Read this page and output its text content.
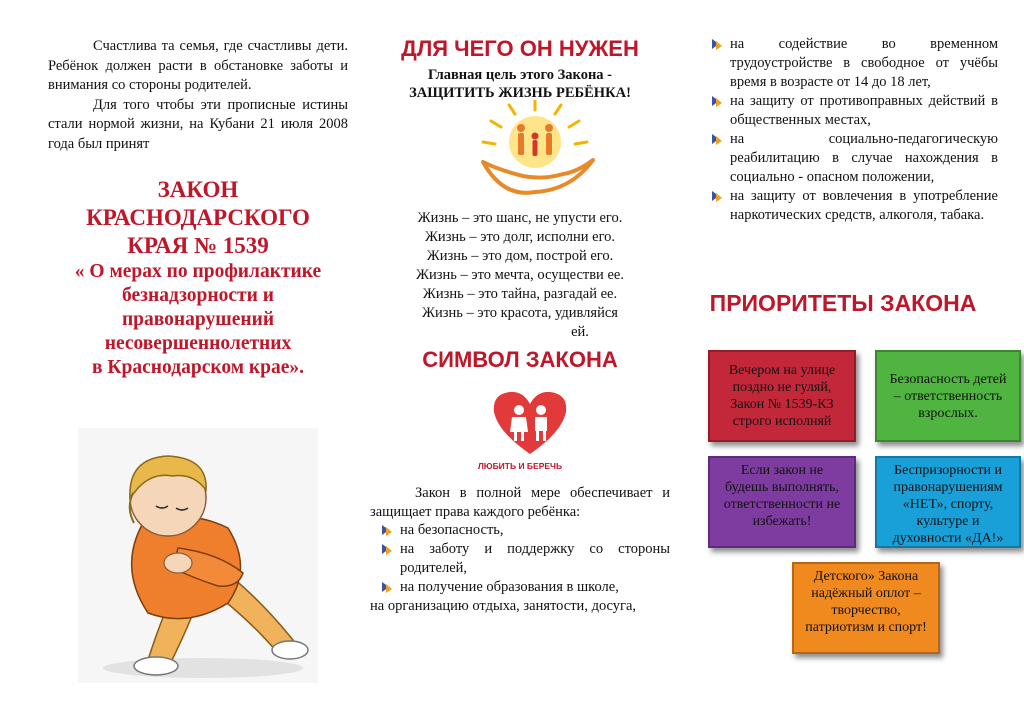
Счастлива та семья, где счастливы дети. Ребёнок должен расти в обстановке заботы и внимания со стороны родителей.

Для того чтобы эти прописные истины стали нормой жизни, на Кубани 21 июля 2008 года был принят

ЗАКОН
КРАСНОДАРСКОГО
КРАЯ № 1539
« О мерах по профилактике
безнадзорности и
правонарушений
несовершеннолетних
в Краснодарском крае».
ДЛЯ ЧЕГО ОН НУЖЕН
Главная цель этого Закона -
ЗАЩИТИТЬ ЖИЗНЬ РЕБЁНКА!

Жизнь – это шанс, не упусти его.

Жизнь – это долг, исполни его.

Жизнь – это дом, построй его.

Жизнь – это мечта, осуществи ее.

Жизнь – это тайна, разгадай ее.

Жизнь – это красота, удивляйся

ей.

СИМВОЛ ЗАКОНА
ЛЮБИТЬ И БЕРЕЧЬ

Закон в полной мере обеспечивает и защищает права каждого ребёнка:

на безопасность,
на заботу и поддержку со стороны родителей,
на получение образования в школе,

на организацию отдыха, занятости, досуга,

на содействие во временном трудоустройстве в свободное от учёбы время в возрасте от 14 до 18 лет,
на защиту от противоправных действий в общественных местах,
на социально-педагогическую реабилитацию в случае нахождения в социально - опасном положении,
на защиту от вовлечения в употребление наркотических средств, алкоголя, табака.
ПРИОРИТЕТЫ ЗАКОНА
Вечером на улице поздно не гуляй, Закон № 1539-КЗ строго исполняй
Безопасность детей – ответственность взрослых.
Если закон не будешь выполнять, ответственности не избежать!
Беспризорности и правонарушениям «НЕТ», спорту, культуре и духовности «ДА!»
Детского» Закона надёжный оплот – творчество, патриотизм и спорт!
